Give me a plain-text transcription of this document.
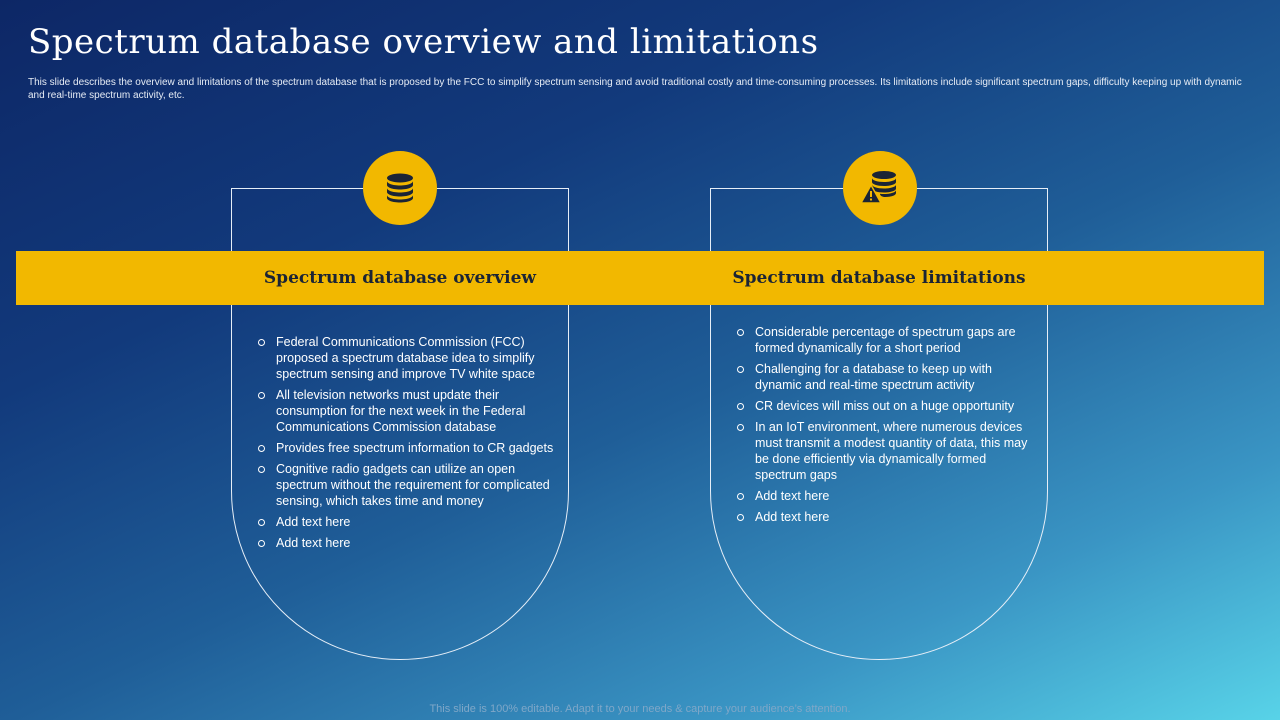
Spectrum database overview and limitations

This slide describes the overview and limitations of the spectrum database that is proposed by the FCC to simplify spectrum sensing and avoid traditional costly and time-consuming processes. Its limitations include significant spectrum gaps, difficulty keeping up with dynamic and real-time spectrum activity, etc.

Spectrum database overview	Spectrum database limitations
Federal Communications Commission (FCC) proposed a spectrum database idea to simplify spectrum sensing and improve TV white space
All television networks must update their consumption for the next week in the Federal Communications Commission database
Provides free spectrum information to CR gadgets
Cognitive radio gadgets can utilize an open spectrum without the requirement for complicated sensing, which takes time and money
Add text here
Add text here
Considerable percentage of spectrum gaps are formed dynamically for a short period
Challenging for a database to keep up with dynamic and real-time spectrum activity
CR devices will miss out on a huge opportunity
In an IoT environment, where numerous devices must transmit a modest quantity of data, this may be done efficiently via dynamically formed spectrum gaps
Add text here
Add text here
This slide is 100% editable. Adapt it to your needs & capture your audience’s attention.
